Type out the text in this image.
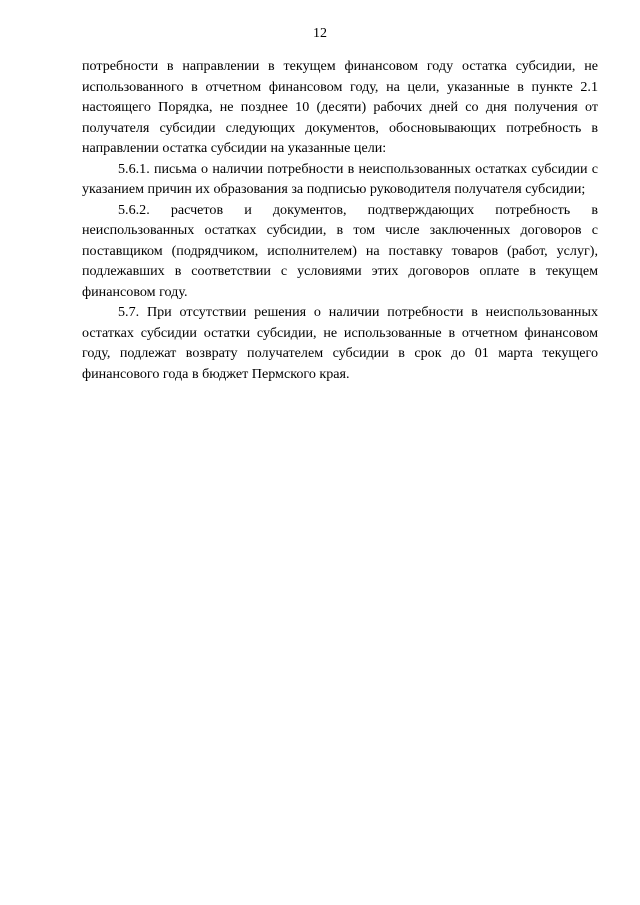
12

потребности в направлении в текущем финансовом году остатка субсидии, не использованного в отчетном финансовом году, на цели, указанные в пункте 2.1 настоящего Порядка, не позднее 10 (десяти) рабочих дней со дня получения от получателя субсидии следующих документов, обосновывающих потребность в направлении остатка субсидии на указанные цели:

5.6.1. письма о наличии потребности в неиспользованных остатках субсидии с указанием причин их образования за подписью руководителя получателя субсидии;

5.6.2. расчетов и документов, подтверждающих потребность в неиспользованных остатках субсидии, в том числе заключенных договоров с поставщиком (подрядчиком, исполнителем) на поставку товаров (работ, услуг), подлежавших в соответствии с условиями этих договоров оплате в текущем финансовом году.

5.7. При отсутствии решения о наличии потребности в неиспользованных остатках субсидии остатки субсидии, не использованные в отчетном финансовом году, подлежат возврату получателем субсидии в срок до 01 марта текущего финансового года в бюджет Пермского края.
